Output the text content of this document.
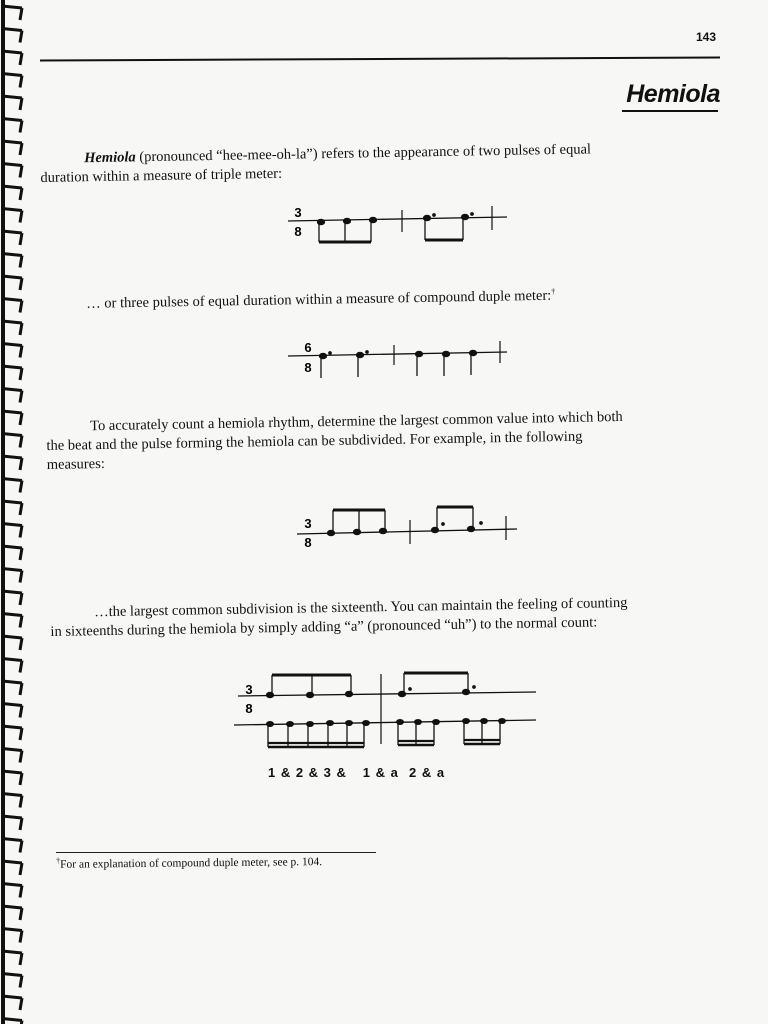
143
Hemiola
Hemiola (pronounced “hee-mee-oh-la”) refers to the appearance of two pulses of equal duration within a measure of triple meter:
3
8
… or three pulses of equal duration within a measure of compound duple meter:†
6
8
To accurately count a hemiola rhythm, determine the largest common value into which both the beat and the pulse forming the hemiola can be subdivided. For example, in the following measures:
3
8
…the largest common subdivision is the sixteenth. You can maintain the feeling of counting in sixteenths during the hemiola by simply adding “a” (pronounced “uh”) to the normal count:
3
8
1 & 2 & 3 &   1 & a  2 & a
†For an explanation of compound duple meter, see p. 104.
